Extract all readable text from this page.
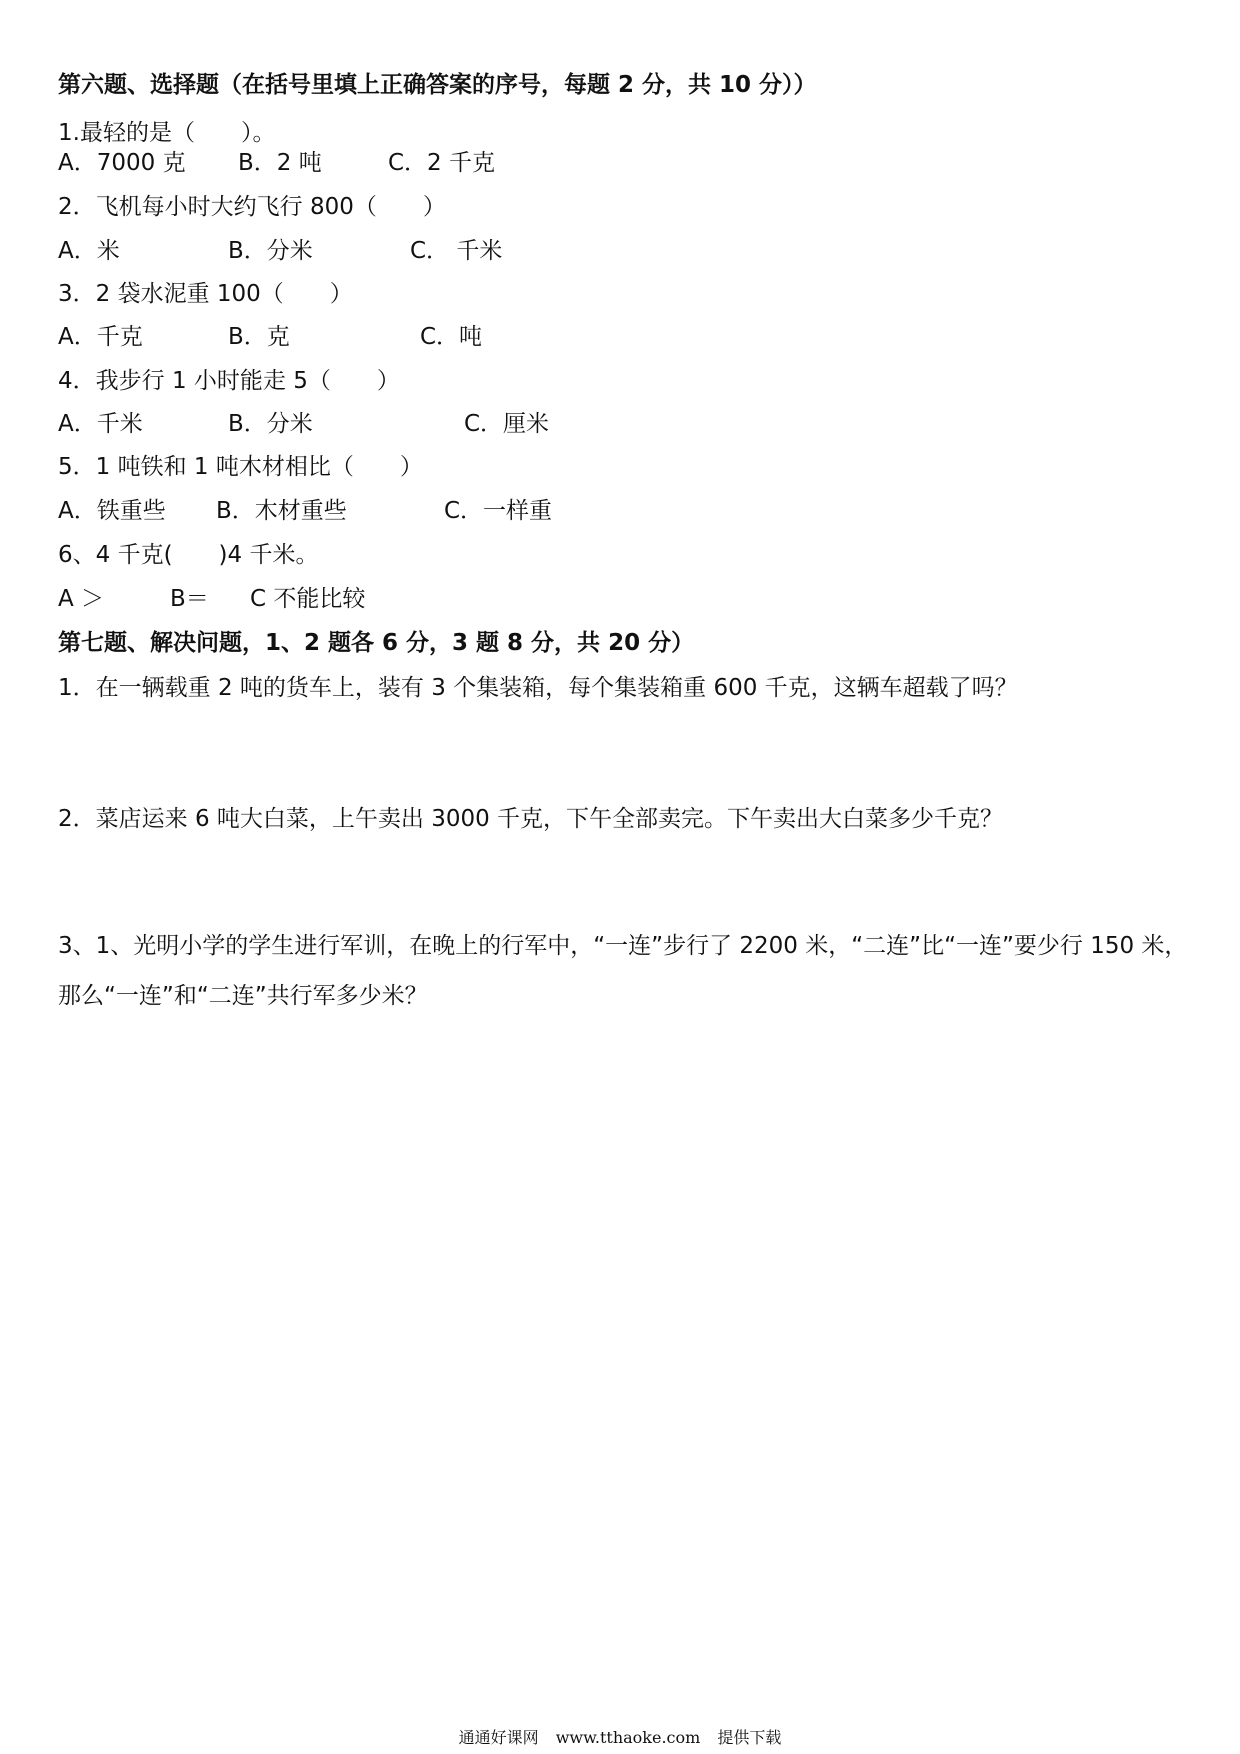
第六题、选择题（在括号里填上正确答案的序号，每题 2 分，共 10 分））
1.最轻的是（　　）。
A．7000 克 B．2 吨	C．2 千克
2．飞机每小时大约飞行 800（　　）
A．米	B．分米	C． 千米
3．2 袋水泥重 100（　　）
A．千克	B．克	C．吨
4．我步行 1 小时能走 5（　　）
A．千米	B．分米	C．厘米
5．1 吨铁和 1 吨木材相比（　　）
A．铁重些 B．木材重些	C．一样重
6、4 千克(　　)4 千米。
A ＞	B＝ C 不能比较
第七题、解决问题，1、2 题各 6 分，3 题 8 分，共 20 分）
1．在一辆载重 2 吨的货车上，装有 3 个集装箱，每个集装箱重 600 千克，这辆车超载了吗？
2．菜店运来 6 吨大白菜，上午卖出 3000 千克，下午全部卖完。下午卖出大白菜多少千克？
3、1、光明小学的学生进行军训，在晚上的行军中，“一连”步行了 2200 米，“二连”比“一连”要少行 150 米，那么“一连”和“二连”共行军多少米？
通通好课网 www.tthaoke.com 提供下载
